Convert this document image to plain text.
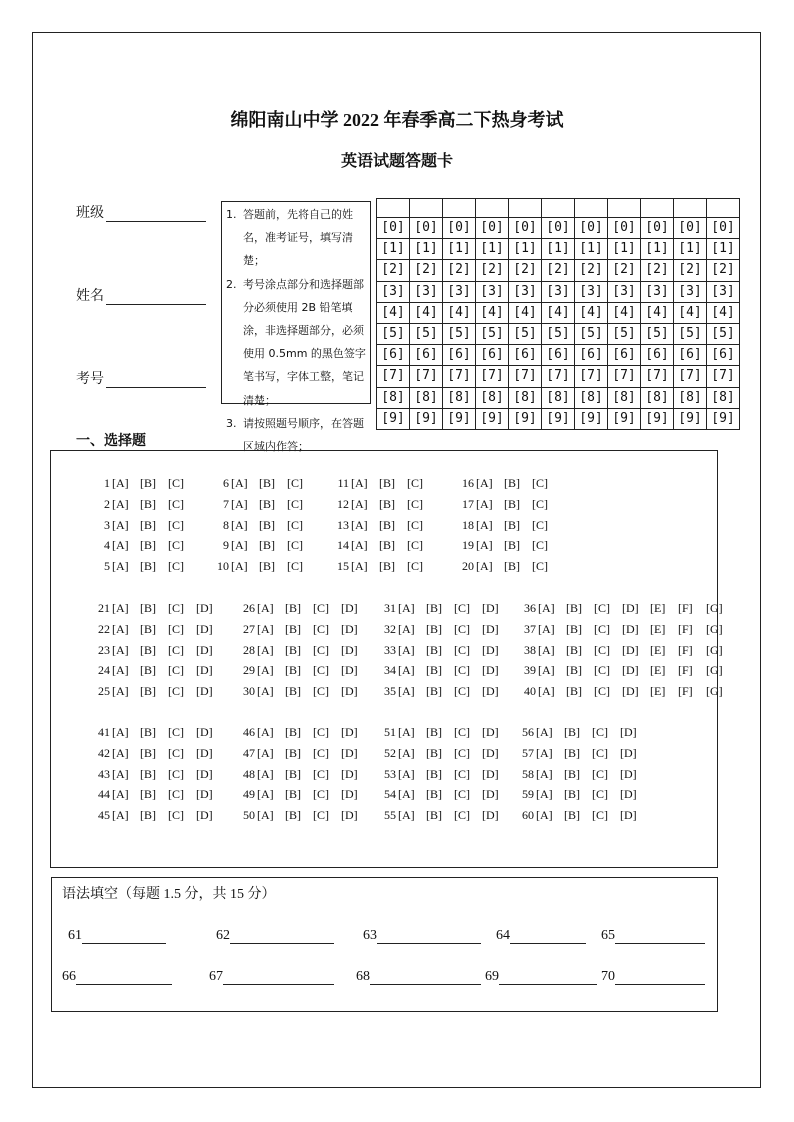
绵阳南山中学 2022 年春季高二下热身考试
英语试题答题卡
班级
姓名
考号
1. 答题前，先将自己的姓名，准考证号，填写清楚；
2. 考号涂点部分和选择题部分必须使用 2B 铅笔填涂，非选择题部分，必须使用 0.5mm 的黑色签字笔书写，字体工整，笔记清楚；
3. 请按照题号顺序，在答题区域内作答；

[0]	[0]	[0]	[0]	[0]	[0]	[0]	[0]	[0]	[0]	[0]
[1]	[1]	[1]	[1]	[1]	[1]	[1]	[1]	[1]	[1]	[1]
[2]	[2]	[2]	[2]	[2]	[2]	[2]	[2]	[2]	[2]	[2]
[3]	[3]	[3]	[3]	[3]	[3]	[3]	[3]	[3]	[3]	[3]
[4]	[4]	[4]	[4]	[4]	[4]	[4]	[4]	[4]	[4]	[4]
[5]	[5]	[5]	[5]	[5]	[5]	[5]	[5]	[5]	[5]	[5]
[6]	[6]	[6]	[6]	[6]	[6]	[6]	[6]	[6]	[6]	[6]
[7]	[7]	[7]	[7]	[7]	[7]	[7]	[7]	[7]	[7]	[7]
[8]	[8]	[8]	[8]	[8]	[8]	[8]	[8]	[8]	[8]	[8]
[9]	[9]	[9]	[9]	[9]	[9]	[9]	[9]	[9]	[9]	[9]
一、选择题
语法填空（每题 1.5 分，共 15 分）
61	62	63	64	65
66	67	68	69	70
1 [A] [B]	[C]
2 [A] [B]	[C]
3 [A] [B]	[C]
4 [A] [B]	[C]
5 [A] [B]	[C]
6 [A] [B]	[C]
7 [A] [B]	[C]
8 [A] [B]	[C]
9 [A] [B]	[C]
10 [A] [B]	[C]
11 [A] [B]	[C]
12 [A] [B]	[C]
13 [A] [B]	[C]
14 [A] [B]	[C]
15 [A] [B]	[C]
16 [A] [B]	[C]
17 [A] [B]	[C]
18 [A] [B]	[C]
19 [A] [B]	[C]
20 [A] [B]	[C]
21 [A] [B]	[C]	[D]
22 [A] [B]	[C]	[D]
23 [A] [B]	[C]	[D]
24 [A] [B]	[C]	[D]
25 [A] [B]	[C]	[D]
26 [A] [B]	[C]	[D]
27 [A] [B]	[C]	[D]
28 [A] [B]	[C]	[D]
29 [A] [B]	[C]	[D]
30 [A] [B]	[C]	[D]
31 [A] [B]	[C]	[D]
32 [A] [B]	[C]	[D]
33 [A] [B]	[C]	[D]
34 [A] [B]	[C]	[D]
35 [A] [B]	[C]	[D]
36 [A] [B]	[C]	[D] [E]	[F]	[G]
37 [A] [B]	[C]	[D] [E]	[F]	[G]
38 [A] [B]	[C]	[D] [E]	[F]	[G]
39 [A] [B]	[C]	[D] [E]	[F]	[G]
40 [A] [B]	[C]	[D] [E]	[F]	[G]
41 [A] [B]	[C]	[D]
42 [A] [B]	[C]	[D]
43 [A] [B]	[C]	[D]
44 [A] [B]	[C]	[D]
45 [A] [B]	[C]	[D]
46 [A] [B]	[C]	[D]
47 [A] [B]	[C]	[D]
48 [A] [B]	[C]	[D]
49 [A] [B]	[C]	[D]
50 [A] [B]	[C]	[D]
51 [A] [B]	[C]	[D]
52 [A] [B]	[C]	[D]
53 [A] [B]	[C]	[D]
54 [A] [B]	[C]	[D]
55 [A] [B]	[C]	[D]
56 [A] [B]	[C]	[D]
57 [A] [B]	[C]	[D]
58 [A] [B]	[C]	[D]
59 [A] [B]	[C]	[D]
60 [A] [B]	[C]	[D]
